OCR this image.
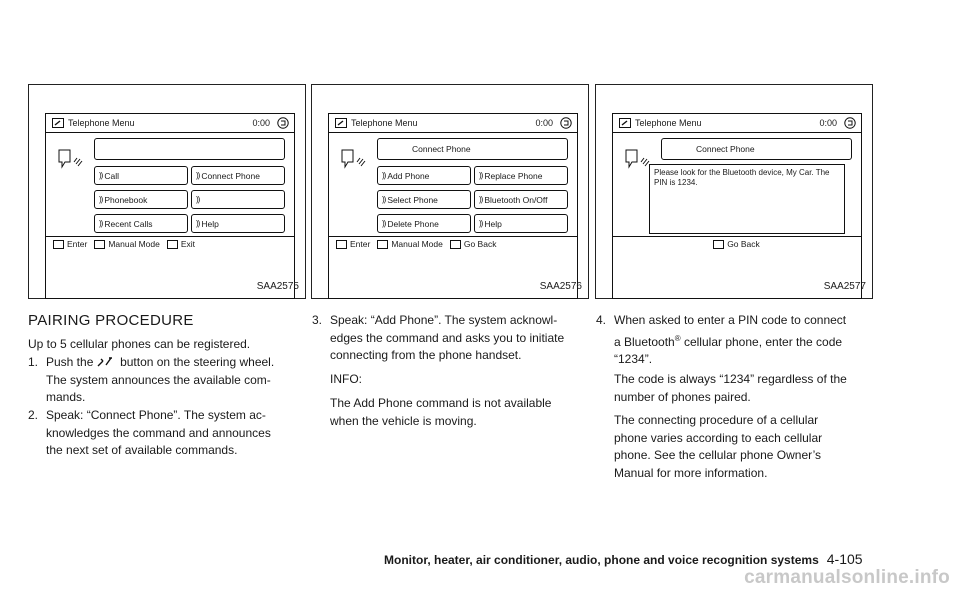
Telephone Menu	0:00
)) Call	)) Connect Phone
)) Phonebook	))
)) Recent Calls	)) Help
Enter Manual Mode Exit
SAA2575
Telephone Menu	0:00
Connect Phone
)) Add Phone	)) Replace Phone
)) Select Phone	)) Bluetooth On/Off
)) Delete Phone	)) Help
Enter Manual Mode Go Back
SAA2576
Telephone Menu	0:00
Connect Phone
Please look for the Bluetooth device, My Car. The PIN is 1234.
Go Back
SAA2577
PAIRING PROCEDURE
Up to 5 cellular phones can be registered.
1. Push the button on the steering wheel.
The system announces the available com-
mands.
2. Speak: “Connect Phone”. The system ac-
knowledges the command and announces
the next set of available commands.
3. Speak: “Add Phone”. The system acknowl-
edges the command and asks you to initiate
connecting from the phone handset.
INFO:
The Add Phone command is not available
when the vehicle is moving.
4. When asked to enter a PIN code to connect
a Bluetooth® cellular phone, enter the code
“1234”.
The code is always “1234” regardless of the
number of phones paired.
The connecting procedure of a cellular
phone varies according to each cellular
phone. See the cellular phone Owner’s
Manual for more information.
Monitor, heater, air conditioner, audio, phone and voice recognition systems 4-105
carmanualsonline.info
